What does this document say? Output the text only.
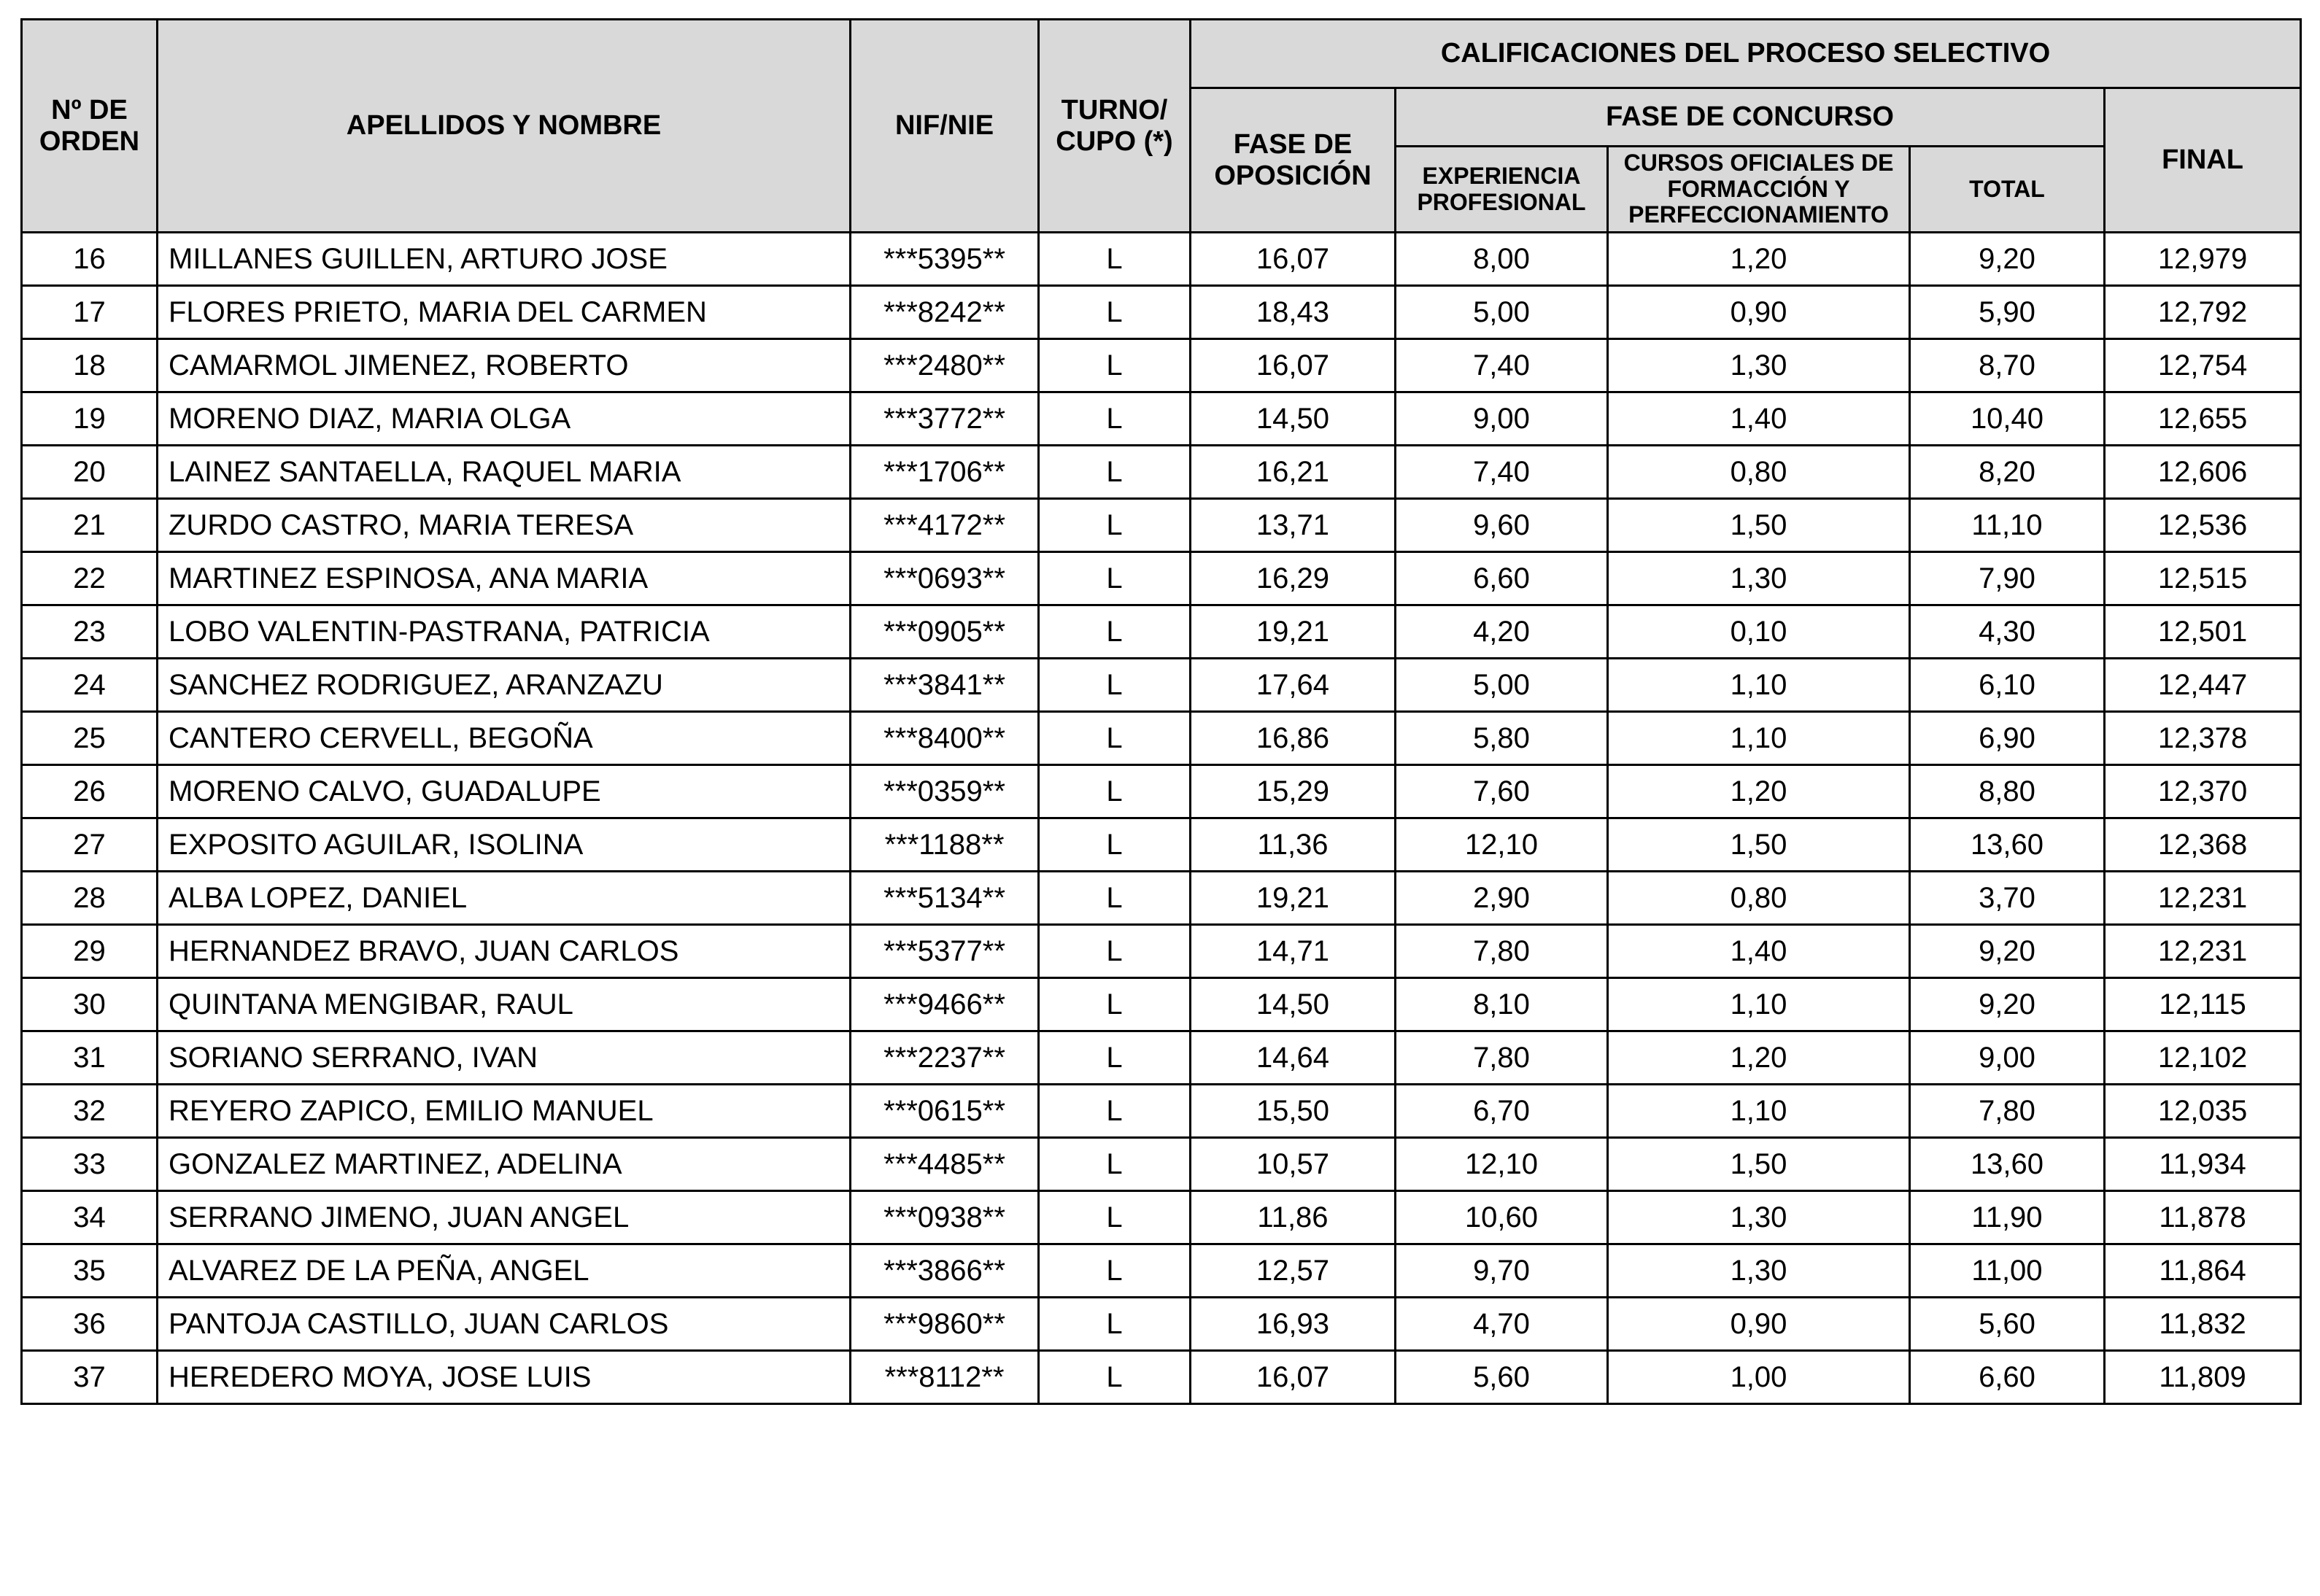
Nº DE ORDEN	APELLIDOS Y NOMBRE	NIF/NIE	TURNO/ CUPO (*)	CALIFICACIONES DEL PROCESO SELECTIVO				
				FASE DE OPOSICIÓN	FASE DE CONCURSO			FINAL
					EXPERIENCIA PROFESIONAL	CURSOS OFICIALES DE FORMACCIÓN Y PERFECCIONAMIENTO	TOTAL	
16	MILLANES GUILLEN, ARTURO JOSE	***5395**	L	16,07	8,00	1,20	9,20	12,979
17	FLORES PRIETO, MARIA DEL CARMEN	***8242**	L	18,43	5,00	0,90	5,90	12,792
18	CAMARMOL JIMENEZ, ROBERTO	***2480**	L	16,07	7,40	1,30	8,70	12,754
19	MORENO DIAZ, MARIA OLGA	***3772**	L	14,50	9,00	1,40	10,40	12,655
20	LAINEZ SANTAELLA, RAQUEL MARIA	***1706**	L	16,21	7,40	0,80	8,20	12,606
21	ZURDO CASTRO, MARIA TERESA	***4172**	L	13,71	9,60	1,50	11,10	12,536
22	MARTINEZ ESPINOSA, ANA MARIA	***0693**	L	16,29	6,60	1,30	7,90	12,515
23	LOBO VALENTIN-PASTRANA, PATRICIA	***0905**	L	19,21	4,20	0,10	4,30	12,501
24	SANCHEZ RODRIGUEZ, ARANZAZU	***3841**	L	17,64	5,00	1,10	6,10	12,447
25	CANTERO CERVELL, BEGOÑA	***8400**	L	16,86	5,80	1,10	6,90	12,378
26	MORENO CALVO, GUADALUPE	***0359**	L	15,29	7,60	1,20	8,80	12,370
27	EXPOSITO AGUILAR, ISOLINA	***1188**	L	11,36	12,10	1,50	13,60	12,368
28	ALBA LOPEZ, DANIEL	***5134**	L	19,21	2,90	0,80	3,70	12,231
29	HERNANDEZ BRAVO, JUAN CARLOS	***5377**	L	14,71	7,80	1,40	9,20	12,231
30	QUINTANA MENGIBAR, RAUL	***9466**	L	14,50	8,10	1,10	9,20	12,115
31	SORIANO SERRANO, IVAN	***2237**	L	14,64	7,80	1,20	9,00	12,102
32	REYERO ZAPICO, EMILIO MANUEL	***0615**	L	15,50	6,70	1,10	7,80	12,035
33	GONZALEZ MARTINEZ, ADELINA	***4485**	L	10,57	12,10	1,50	13,60	11,934
34	SERRANO JIMENO, JUAN ANGEL	***0938**	L	11,86	10,60	1,30	11,90	11,878
35	ALVAREZ DE LA PEÑA, ANGEL	***3866**	L	12,57	9,70	1,30	11,00	11,864
36	PANTOJA CASTILLO, JUAN CARLOS	***9860**	L	16,93	4,70	0,90	5,60	11,832
37	HEREDERO MOYA, JOSE LUIS	***8112**	L	16,07	5,60	1,00	6,60	11,809
